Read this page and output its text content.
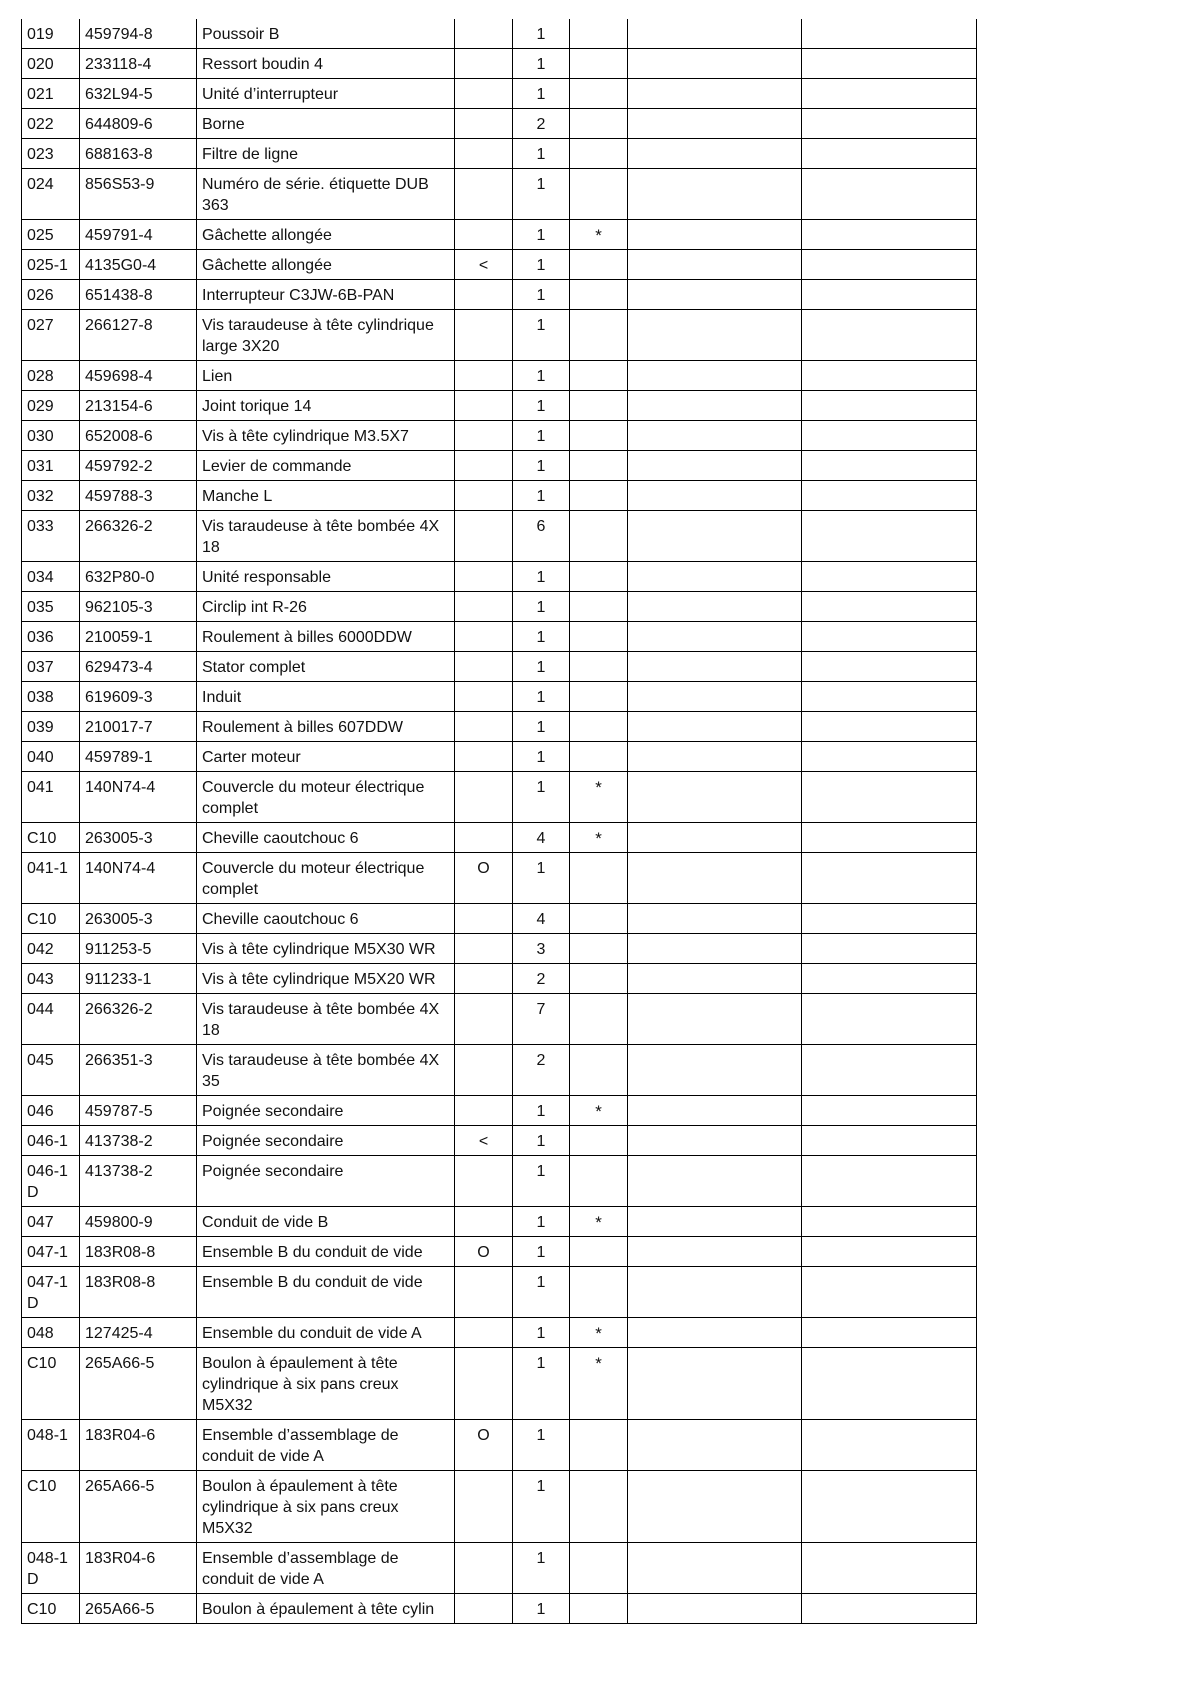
019	459794-8	Poussoir B		1			
020	233118-4	Ressort boudin 4		1			
021	632L94-5	Unité d’interrupteur		1			
022	644809-6	Borne		2			
023	688163-8	Filtre de ligne		1			
024	856S53-9	Numéro de série. étiquette DUB 363		1			
025	459791-4	Gâchette allongée		1	*		
025-1	4135G0-4	Gâchette allongée	<	1			
026	651438-8	Interrupteur C3JW-6B-PAN		1			
027	266127-8	Vis taraudeuse à tête cylindrique large 3X20		1			
028	459698-4	Lien		1			
029	213154-6	Joint torique 14		1			
030	652008-6	Vis à tête cylindrique M3.5X7		1			
031	459792-2	Levier de commande		1			
032	459788-3	Manche L		1			
033	266326-2	Vis taraudeuse à tête bombée 4X 18		6			
034	632P80-0	Unité responsable		1			
035	962105-3	Circlip int R-26		1			
036	210059-1	Roulement à billes 6000DDW		1			
037	629473-4	Stator complet		1			
038	619609-3	Induit		1			
039	210017-7	Roulement à billes 607DDW		1			
040	459789-1	Carter moteur		1			
041	140N74-4	Couvercle du moteur électrique complet		1	*		
C10	263005-3	Cheville caoutchouc 6		4	*		
041-1	140N74-4	Couvercle du moteur électrique complet	O	1			
C10	263005-3	Cheville caoutchouc 6		4			
042	911253-5	Vis à tête cylindrique M5X30 WR		3			
043	911233-1	Vis à tête cylindrique M5X20 WR		2			
044	266326-2	Vis taraudeuse à tête bombée 4X 18		7			
045	266351-3	Vis taraudeuse à tête bombée 4X 35		2			
046	459787-5	Poignée secondaire		1	*		
046-1	413738-2	Poignée secondaire	<	1			
046-1 D	413738-2	Poignée secondaire		1			
047	459800-9	Conduit de vide B		1	*		
047-1	183R08-8	Ensemble B du conduit de vide	O	1			
047-1 D	183R08-8	Ensemble B du conduit de vide		1			
048	127425-4	Ensemble du conduit de vide A		1	*		
C10	265A66-5	Boulon à épaulement à tête cylindrique à six pans creux M5X32		1	*		
048-1	183R04-6	Ensemble d’assemblage de conduit de vide A	O	1			
C10	265A66-5	Boulon à épaulement à tête cylindrique à six pans creux M5X32		1			
048-1 D	183R04-6	Ensemble d’assemblage de conduit de vide A		1			
C10	265A66-5	Boulon à épaulement à tête cylin		1			
